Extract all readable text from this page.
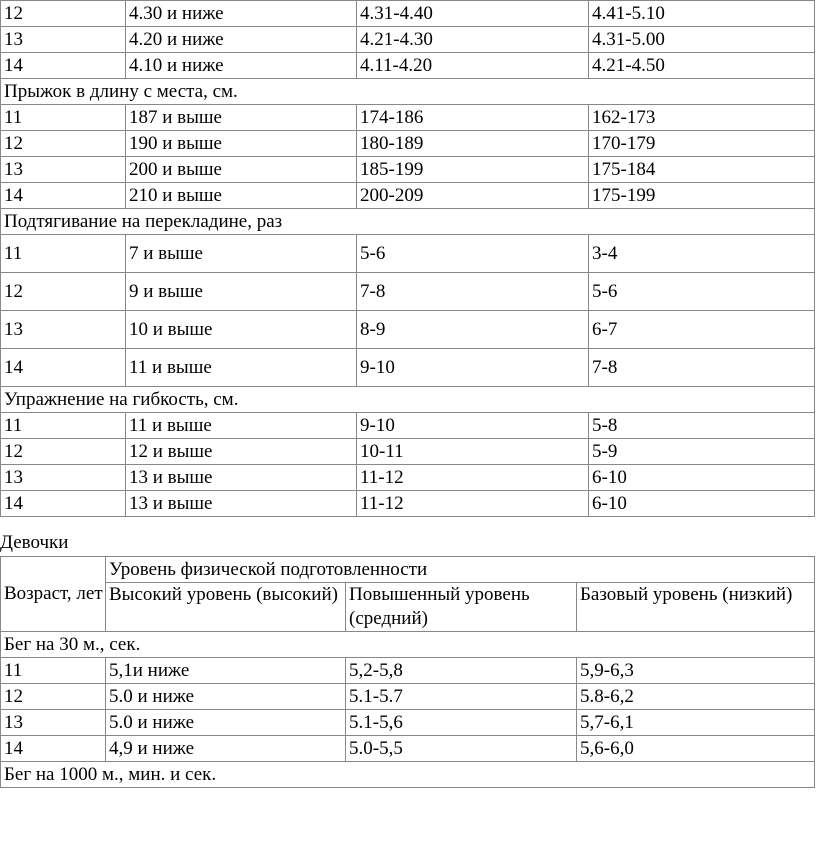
12	4.30 и ниже	4.31-4.40	4.41-5.10
13	4.20 и ниже	4.21-4.30	4.31-5.00
14	4.10 и ниже	4.11-4.20	4.21-4.50
Прыжок в длину с места, см.			
11	187 и выше	174-186	162-173
12	190 и выше	180-189	170-179
13	200 и выше	185-199	175-184
14	210 и выше	200-209	175-199
Подтягивание на перекладине, раз			
11	7 и выше	5-6	3-4
12	9 и выше	7-8	5-6
13	10 и выше	8-9	6-7
14	11 и выше	9-10	7-8
Упражнение на гибкость, см.			
11	11 и выше	9-10	5-8
12	12 и выше	10-11	5-9
13	13 и выше	11-12	6-10
14	13 и выше	11-12	6-10
Девочки
Возраст, лет	Уровень физической подготовленности		
	Высокий уровень (высокий)	Повышенный уровень (средний)	Базовый уровень (низкий)
Бег на 30 м., сек.			
11	5,1и ниже	5,2-5,8	5,9-6,3
12	5.0 и ниже	5.1-5.7	5.8-6,2
13	5.0 и ниже	5.1-5,6	5,7-6,1
14	4,9 и ниже	5.0-5,5	5,6-6,0
Бег на 1000 м., мин. и сек.			
